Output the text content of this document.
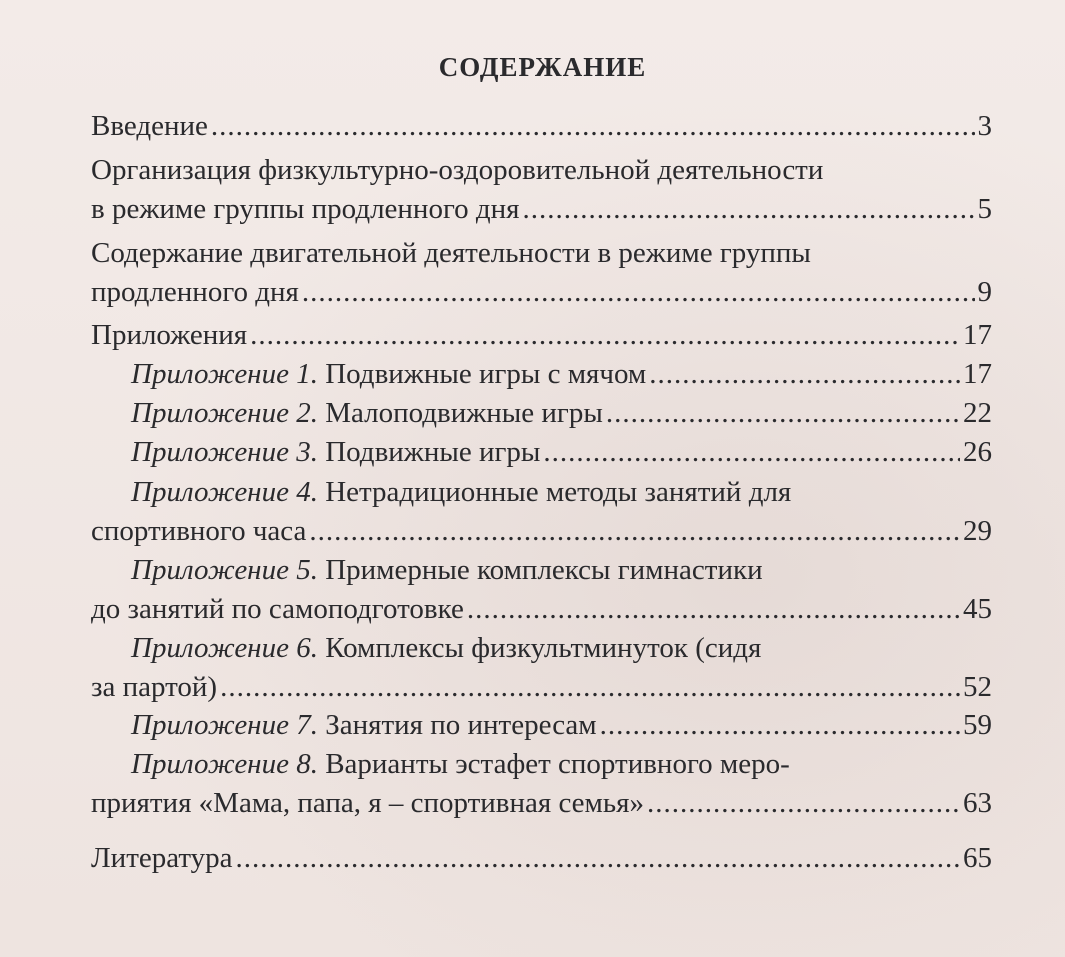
СОДЕРЖАНИЕ
Введение .....	3
Организация физкультурно-оздоровительной деятельности
в режиме группы продленного дня .....	5
Содержание двигательной деятельности в режиме группы
продленного дня .....	9
Приложения .....	17
Приложение 1. Подвижные игры с мячом .....	17
Приложение 2. Малоподвижные игры .....	22
Приложение 3. Подвижные игры .....	26
Приложение 4. Нетрадиционные методы занятий для
спортивного часа .....	29
Приложение 5. Примерные комплексы гимнастики
до занятий по самоподготовке .....	45
Приложение 6. Комплексы физкультминуток (сидя
за партой) .....	52
Приложение 7. Занятия по интересам .....	59
Приложение 8. Варианты эстафет спортивного меро-
приятия «Мама, папа, я – спортивная семья» .....	63
Литература .....	65
